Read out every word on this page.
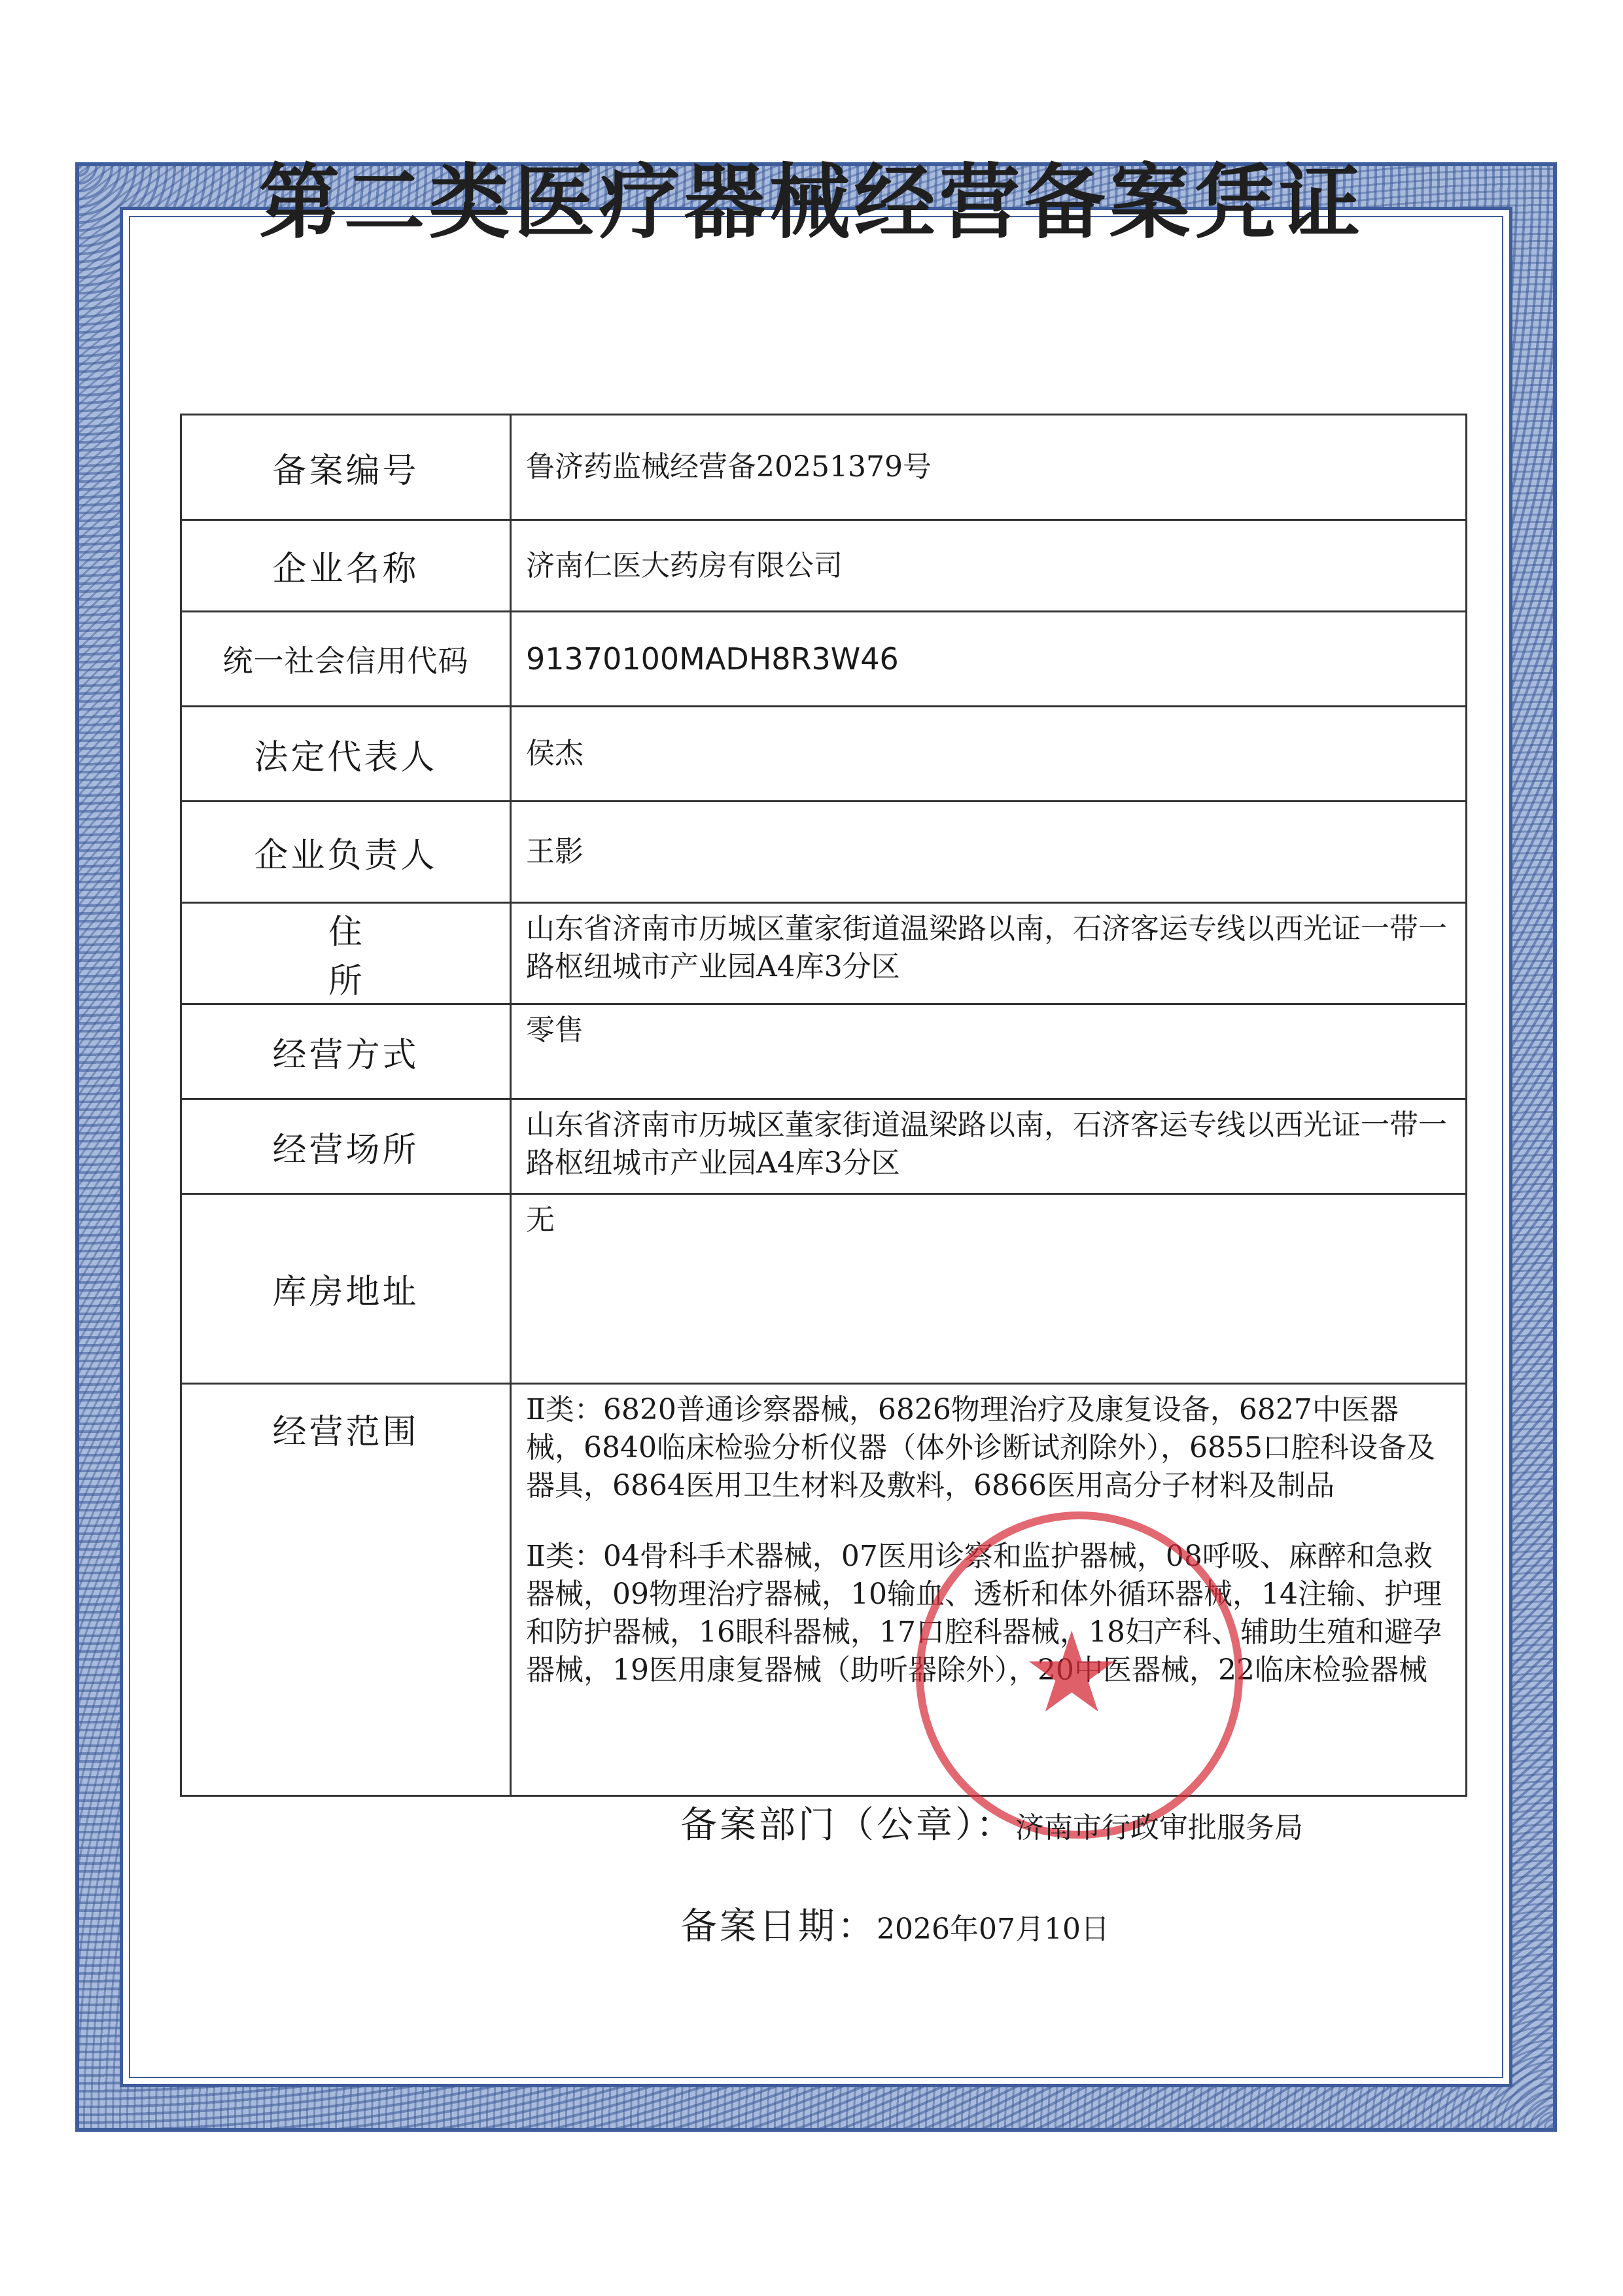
第二类医疗器械经营备案凭证
备案编号	鲁济药监械经营备20251379号
企业名称	济南仁医大药房有限公司
统一社会信用代码	91370100MADH8R3W46
法定代表人	侯杰
企业负责人	王影
住所	山东省济南市历城区董家街道温梁路以南，石济客运专线以西光证一带一路枢纽城市产业园A4库3分区
经营方式	零售
经营场所	山东省济南市历城区董家街道温梁路以南，石济客运专线以西光证一带一路枢纽城市产业园A4库3分区
库房地址	无
经营范围	Ⅱ类：6820普通诊察器械，6826物理治疗及康复设备，6827中医器械，6840临床检验分析仪器（体外诊断试剂除外），6855口腔科设备及器具，6864医用卫生材料及敷料，6866医用高分子材料及制品

Ⅱ类：04骨科手术器械，07医用诊察和监护器械，08呼吸、麻醉和急救器械，09物理治疗器械，10输血、透析和体外循环器械，14注输、护理和防护器械，16眼科器械，17口腔科器械，18妇产科、辅助生殖和避孕器械，19医用康复器械（助听器除外），20中医器械，22临床检验器械

★
备案部门（公章）：济南市行政审批服务局
备案日期：2026年07月10日
